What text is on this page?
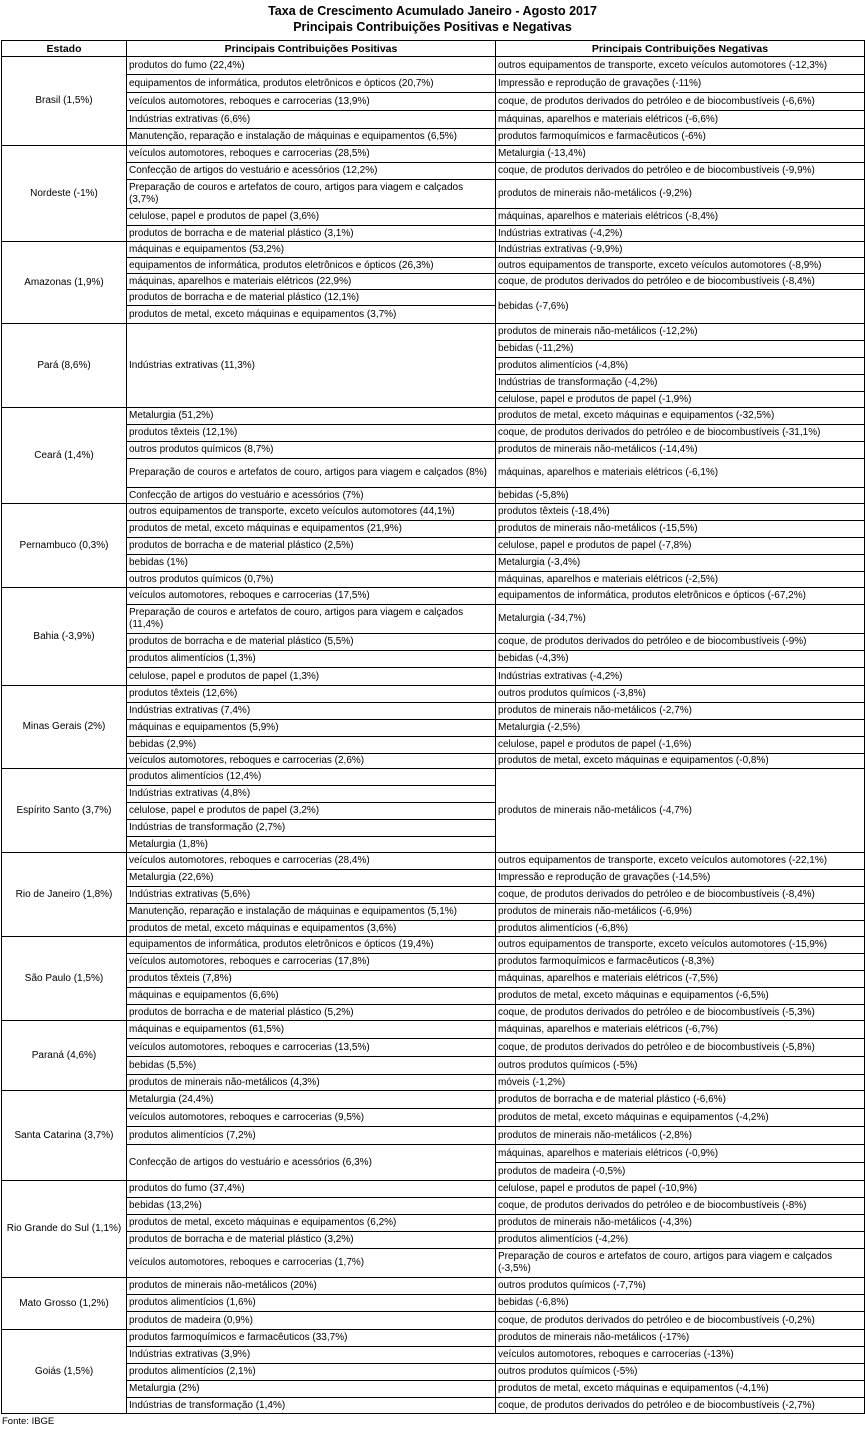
Taxa de Crescimento Acumulado Janeiro - Agosto 2017
Principais Contribuições Positivas e Negativas
Estado	Principais Contribuições Positivas	Principais Contribuições Negativas
Brasil (1,5%)	produtos do fumo (22,4%)	outros equipamentos de transporte, exceto veículos automotores (-12,3%)
	equipamentos de informática, produtos eletrônicos e ópticos (20,7%)	Impressão e reprodução de gravações (-11%)
	veículos automotores, reboques e carrocerias (13,9%)	coque, de produtos derivados do petróleo e de biocombustíveis (-6,6%)
	Indústrias extrativas (6,6%)	máquinas, aparelhos e materiais elétricos (-6,6%)
	Manutenção, reparação e instalação de máquinas e equipamentos (6,5%)	produtos farmoquímicos e farmacêuticos (-6%)
Nordeste (-1%)	veículos automotores, reboques e carrocerias (28,5%)	Metalurgia (-13,4%)
	Confecção de artigos do vestuário e acessórios (12,2%)	coque, de produtos derivados do petróleo e de biocombustíveis (-9,9%)
	Preparação de couros e artefatos de couro, artigos para viagem e calçados (3,7%)	produtos de minerais não-metálicos (-9,2%)
	celulose, papel e produtos de papel (3,6%)	máquinas, aparelhos e materiais elétricos (-8,4%)
	produtos de borracha e de material plástico (3,1%)	Indústrias extrativas (-4,2%)
Amazonas (1,9%)	máquinas e equipamentos (53,2%)	Indústrias extrativas (-9,9%)
	equipamentos de informática, produtos eletrônicos e ópticos (26,3%)	outros equipamentos de transporte, exceto veículos automotores (-8,9%)
	máquinas, aparelhos e materiais elétricos (22,9%)	coque, de produtos derivados do petróleo e de biocombustíveis (-8,4%)
	produtos de borracha e de material plástico (12,1%)	bebidas (-7,6%)
	produtos de metal, exceto máquinas e equipamentos (3,7%)	
Pará (8,6%)	Indústrias extrativas (11,3%)	produtos de minerais não-metálicos (-12,2%)
		bebidas (-11,2%)
		produtos alimentícios (-4,8%)
		Indústrias de transformação (-4,2%)
		celulose, papel e produtos de papel (-1,9%)
Ceará (1,4%)	Metalurgia (51,2%)	produtos de metal, exceto máquinas e equipamentos (-32,5%)
	produtos têxteis (12,1%)	coque, de produtos derivados do petróleo e de biocombustíveis (-31,1%)
	outros produtos químicos (8,7%)	produtos de minerais não-metálicos (-14,4%)
	Preparação de couros e artefatos de couro, artigos para viagem e calçados (8%)	máquinas, aparelhos e materiais elétricos (-6,1%)
	Confecção de artigos do vestuário e acessórios (7%)	bebidas (-5,8%)
Pernambuco (0,3%)	outros equipamentos de transporte, exceto veículos automotores (44,1%)	produtos têxteis (-18,4%)
	produtos de metal, exceto máquinas e equipamentos (21,9%)	produtos de minerais não-metálicos (-15,5%)
	produtos de borracha e de material plástico (2,5%)	celulose, papel e produtos de papel (-7,8%)
	bebidas (1%)	Metalurgia (-3,4%)
	outros produtos químicos (0,7%)	máquinas, aparelhos e materiais elétricos (-2,5%)
Bahia (-3,9%)	veículos automotores, reboques e carrocerias (17,5%)	equipamentos de informática, produtos eletrônicos e ópticos (-67,2%)
	Preparação de couros e artefatos de couro, artigos para viagem e calçados (11,4%)	Metalurgia (-34,7%)
	produtos de borracha e de material plástico (5,5%)	coque, de produtos derivados do petróleo e de biocombustíveis (-9%)
	produtos alimentícios (1,3%)	bebidas (-4,3%)
	celulose, papel e produtos de papel (1,3%)	Indústrias extrativas (-4,2%)
Minas Gerais (2%)	produtos têxteis (12,6%)	outros produtos químicos (-3,8%)
	Indústrias extrativas (7,4%)	produtos de minerais não-metálicos (-2,7%)
	máquinas e equipamentos (5,9%)	Metalurgia (-2,5%)
	bebidas (2,9%)	celulose, papel e produtos de papel (-1,6%)
	veículos automotores, reboques e carrocerias (2,6%)	produtos de metal, exceto máquinas e equipamentos (-0,8%)
Espírito Santo (3,7%)	produtos alimentícios (12,4%)	produtos de minerais não-metálicos (-4,7%)
	Indústrias extrativas (4,8%)	
	celulose, papel e produtos de papel (3,2%)	
	Indústrias de transformação (2,7%)	
	Metalurgia (1,8%)	
Rio de Janeiro (1,8%)	veículos automotores, reboques e carrocerias (28,4%)	outros equipamentos de transporte, exceto veículos automotores (-22,1%)
	Metalurgia (22,6%)	Impressão e reprodução de gravações (-14,5%)
	Indústrias extrativas (5,6%)	coque, de produtos derivados do petróleo e de biocombustíveis (-8,4%)
	Manutenção, reparação e instalação de máquinas e equipamentos (5,1%)	produtos de minerais não-metálicos (-6,9%)
	produtos de metal, exceto máquinas e equipamentos (3,6%)	produtos alimentícios (-6,8%)
São Paulo (1,5%)	equipamentos de informática, produtos eletrônicos e ópticos (19,4%)	outros equipamentos de transporte, exceto veículos automotores (-15,9%)
	veículos automotores, reboques e carrocerias (17,8%)	produtos farmoquímicos e farmacêuticos (-8,3%)
	produtos têxteis (7,8%)	máquinas, aparelhos e materiais elétricos (-7,5%)
	máquinas e equipamentos (6,6%)	produtos de metal, exceto máquinas e equipamentos (-6,5%)
	produtos de borracha e de material plástico (5,2%)	coque, de produtos derivados do petróleo e de biocombustíveis (-5,3%)
Paraná (4,6%)	máquinas e equipamentos (61,5%)	máquinas, aparelhos e materiais elétricos (-6,7%)
	veículos automotores, reboques e carrocerias (13,5%)	coque, de produtos derivados do petróleo e de biocombustíveis (-5,8%)
	bebidas (5,5%)	outros produtos químicos (-5%)
	produtos de minerais não-metálicos (4,3%)	móveis (-1,2%)
Santa Catarina (3,7%)	Metalurgia (24,4%)	produtos de borracha e de material plástico (-6,6%)
	veículos automotores, reboques e carrocerias (9,5%)	produtos de metal, exceto máquinas e equipamentos (-4,2%)
	produtos alimentícios (7,2%)	produtos de minerais não-metálicos (-2,8%)
	Confecção de artigos do vestuário e acessórios (6,3%)	máquinas, aparelhos e materiais elétricos (-0,9%)
		produtos de madeira (-0,5%)
Rio Grande do Sul (1,1%)	produtos do fumo (37,4%)	celulose, papel e produtos de papel (-10,9%)
	bebidas (13,2%)	coque, de produtos derivados do petróleo e de biocombustíveis (-8%)
	produtos de metal, exceto máquinas e equipamentos (6,2%)	produtos de minerais não-metálicos (-4,3%)
	produtos de borracha e de material plástico (3,2%)	produtos alimentícios (-4,2%)
	veículos automotores, reboques e carrocerias (1,7%)	Preparação de couros e artefatos de couro, artigos para viagem e calçados (-3,5%)
Mato Grosso (1,2%)	produtos de minerais não-metálicos (20%)	outros produtos químicos (-7,7%)
	produtos alimentícios (1,6%)	bebidas (-6,8%)
	produtos de madeira (0,9%)	coque, de produtos derivados do petróleo e de biocombustíveis (-0,2%)
Goiás (1,5%)	produtos farmoquímicos e farmacêuticos (33,7%)	produtos de minerais não-metálicos (-17%)
	Indústrias extrativas (3,9%)	veículos automotores, reboques e carrocerias (-13%)
	produtos alimentícios (2,1%)	outros produtos químicos (-5%)
	Metalurgia (2%)	produtos de metal, exceto máquinas e equipamentos (-4,1%)
	Indústrias de transformação (1,4%)	coque, de produtos derivados do petróleo e de biocombustíveis (-2,7%)
Fonte: IBGE
